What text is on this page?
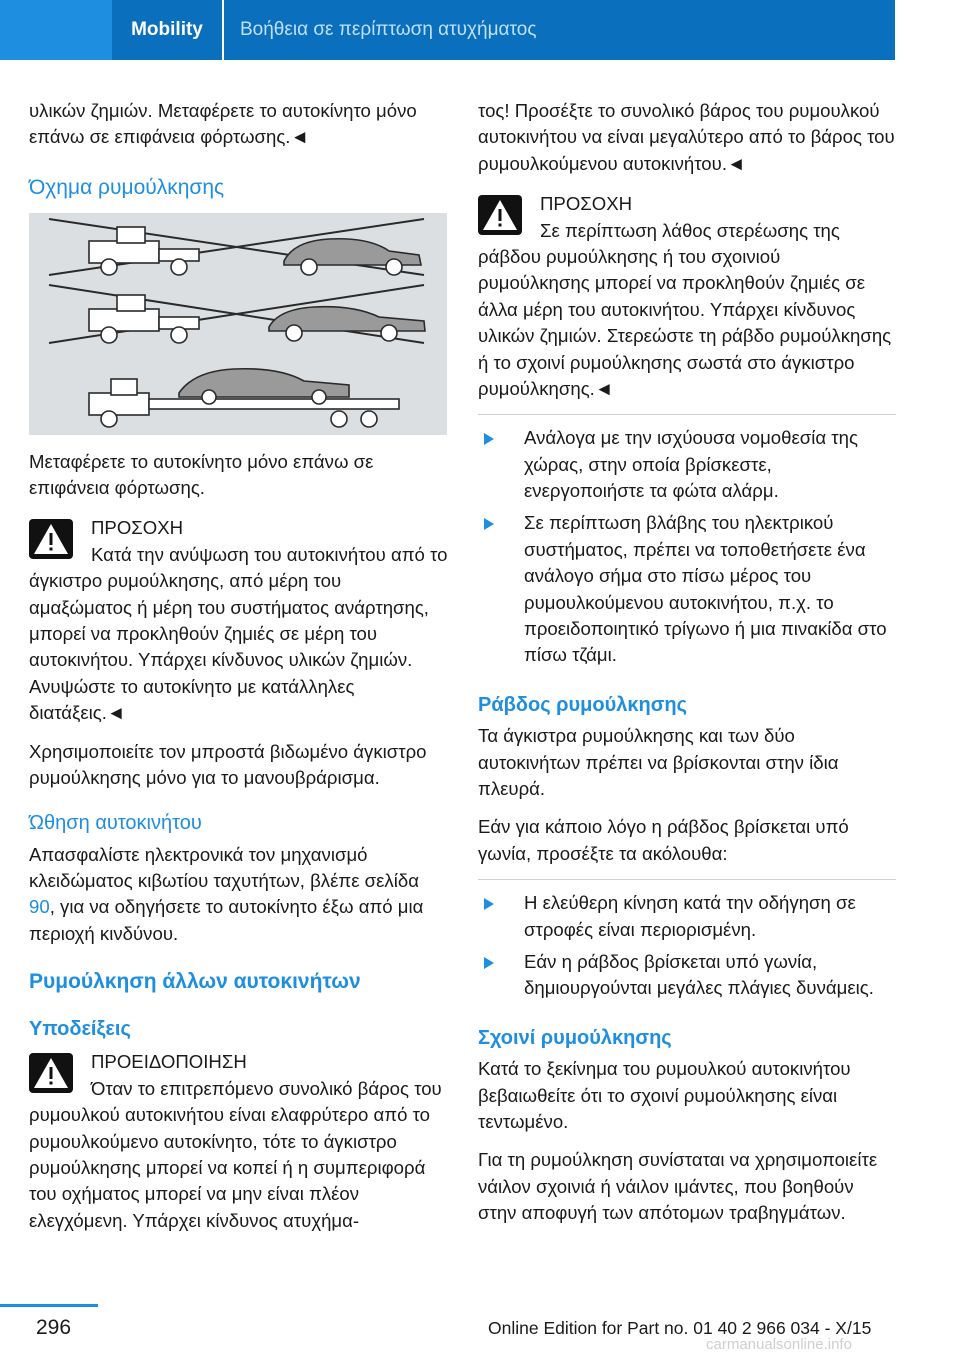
Mobility	Βοήθεια σε περίπτωση ατυχήματος

υλικών ζημιών. Μεταφέρετε το αυτοκίνητο μόνο επάνω σε επιφάνεια φόρτωσης.◄

Όχημα ρυμούλκησης

Μεταφέρετε το αυτοκίνητο μόνο επάνω σε επιφάνεια φόρτωσης.

ΠΡΟΣΟΧΗ
Κατά την ανύψωση του αυτοκινήτου από το άγκιστρο ρυμούλκησης, από μέρη του αμαξώματος ή μέρη του συστήματος ανάρτησης, μπορεί να προκληθούν ζημιές σε μέρη του αυτοκινήτου. Υπάρχει κίνδυνος υλικών ζημιών. Ανυψώστε το αυτοκίνητο με κατάλληλες διατάξεις.◄

Χρησιμοποιείτε τον μπροστά βιδωμένο άγκιστρο ρυμούλκησης μόνο για το μανουβράρισμα.

Ώθηση αυτοκινήτου

Απασφαλίστε ηλεκτρονικά τον μηχανισμό κλειδώματος κιβωτίου ταχυτήτων, βλέπε σελίδα 90, για να οδηγήσετε το αυτοκίνητο έξω από μια περιοχή κινδύνου.

Ρυμούλκηση άλλων αυτοκινήτων
Υποδείξεις
ΠΡΟΕΙΔΟΠΟΙΗΣΗ
Όταν το επιτρεπόμενο συνολικό βάρος του ρυμουλκού αυτοκινήτου είναι ελαφρύτερο από το ρυμουλκούμενο αυτοκίνητο, τότε το άγκιστρο ρυμούλκησης μπορεί να κοπεί ή η συμπεριφορά του οχήματος μπορεί να μην είναι πλέον ελεγχόμενη. Υπάρχει κίνδυνος ατυχήμα-

τος! Προσέξτε το συνολικό βάρος του ρυμουλκού αυτοκινήτου να είναι μεγαλύτερο από το βάρος του ρυμουλκούμενου αυτοκινήτου.◄

ΠΡΟΣΟΧΗ
Σε περίπτωση λάθος στερέωσης της ράβδου ρυμούλκησης ή του σχοινιού ρυμούλκησης μπορεί να προκληθούν ζημιές σε άλλα μέρη του αυτοκινήτου. Υπάρχει κίνδυνος υλικών ζημιών. Στερεώστε τη ράβδο ρυμούλκησης ή το σχοινί ρυμούλκησης σωστά στο άγκιστρο ρυμούλκησης.◄
Ανάλογα με την ισχύουσα νομοθεσία της χώρας, στην οποία βρίσκεστε, ενεργοποιήστε τα φώτα αλάρμ.
Σε περίπτωση βλάβης του ηλεκτρικού συστήματος, πρέπει να τοποθετήσετε ένα ανάλογο σήμα στο πίσω μέρος του ρυμουλκούμενου αυτοκινήτου, π.χ. το προειδοποιητικό τρίγωνο ή μια πινακίδα στο πίσω τζάμι.
Ράβδος ρυμούλκησης

Τα άγκιστρα ρυμούλκησης και των δύο αυτοκινήτων πρέπει να βρίσκονται στην ίδια πλευρά.

Εάν για κάποιο λόγο η ράβδος βρίσκεται υπό γωνία, προσέξτε τα ακόλουθα:

Η ελεύθερη κίνηση κατά την οδήγηση σε στροφές είναι περιορισμένη.
Εάν η ράβδος βρίσκεται υπό γωνία, δημιουργούνται μεγάλες πλάγιες δυνάμεις.
Σχοινί ρυμούλκησης

Κατά το ξεκίνημα του ρυμουλκού αυτοκινήτου βεβαιωθείτε ότι το σχοινί ρυμούλκησης είναι τεντωμένο.

Για τη ρυμούλκηση συνίσταται να χρησιμοποιείτε νάιλον σχοινιά ή νάιλον ιμάντες, που βοηθούν στην αποφυγή των απότομων τραβηγμάτων.

296	Online Edition for Part no. 01 40 2 966 034 - X/15
carmanualsonline.info
